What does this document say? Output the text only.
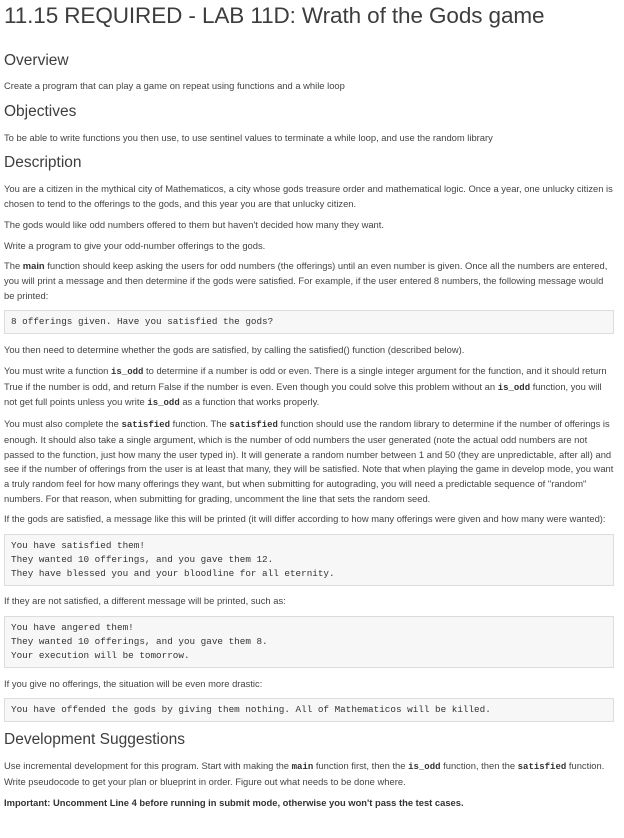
11.15 REQUIRED - LAB 11D: Wrath of the Gods game
Overview

Create a program that can play a game on repeat using functions and a while loop

Objectives

To be able to write functions you then use, to use sentinel values to terminate a while loop, and use the random library

Description

You are a citizen in the mythical city of Mathematicos, a city whose gods treasure order and mathematical logic. Once a year, one unlucky citizen is chosen to tend to the offerings to the gods, and this year you are that unlucky citizen.

The gods would like odd numbers offered to them but haven't decided how many they want.

Write a program to give your odd-number offerings to the gods.

The main function should keep asking the users for odd numbers (the offerings) until an even number is given. Once all the numbers are entered, you will print a message and then determine if the gods were satisfied. For example, if the user entered 8 numbers, the following message would be printed:

8 offerings given. Have you satisfied the gods?

You then need to determine whether the gods are satisfied, by calling the satisfied() function (described below).

You must write a function is_odd to determine if a number is odd or even. There is a single integer argument for the function, and it should return True if the number is odd, and return False if the number is even. Even though you could solve this problem without an is_odd function, you will not get full points unless you write is_odd as a function that works properly.

You must also complete the satisfied function. The satisfied function should use the random library to determine if the number of offerings is enough. It should also take a single argument, which is the number of odd numbers the user generated (note the actual odd numbers are not passed to the function, just how many the user typed in). It will generate a random number between 1 and 50 (they are unpredictable, after all) and see if the number of offerings from the user is at least that many, they will be satisfied. Note that when playing the game in develop mode, you want a truly random feel for how many offerings they want, but when submitting for autograding, you will need a predictable sequence of "random" numbers. For that reason, when submitting for grading, uncomment the line that sets the random seed.

If the gods are satisfied, a message like this will be printed (it will differ according to how many offerings were given and how many were wanted):

You have satisfied them!
They wanted 10 offerings, and you gave them 12.
They have blessed you and your bloodline for all eternity.

If they are not satisfied, a different message will be printed, such as:

You have angered them!
They wanted 10 offerings, and you gave them 8.
Your execution will be tomorrow.

If you give no offerings, the situation will be even more drastic:

You have offended the gods by giving them nothing. All of Mathematicos will be killed.
Development Suggestions

Use incremental development for this program. Start with making the main function first, then the is_odd function, then the satisfied function. Write pseudocode to get your plan or blueprint in order. Figure out what needs to be done where.

Important: Uncomment Line 4 before running in submit mode, otherwise you won't pass the test cases.
